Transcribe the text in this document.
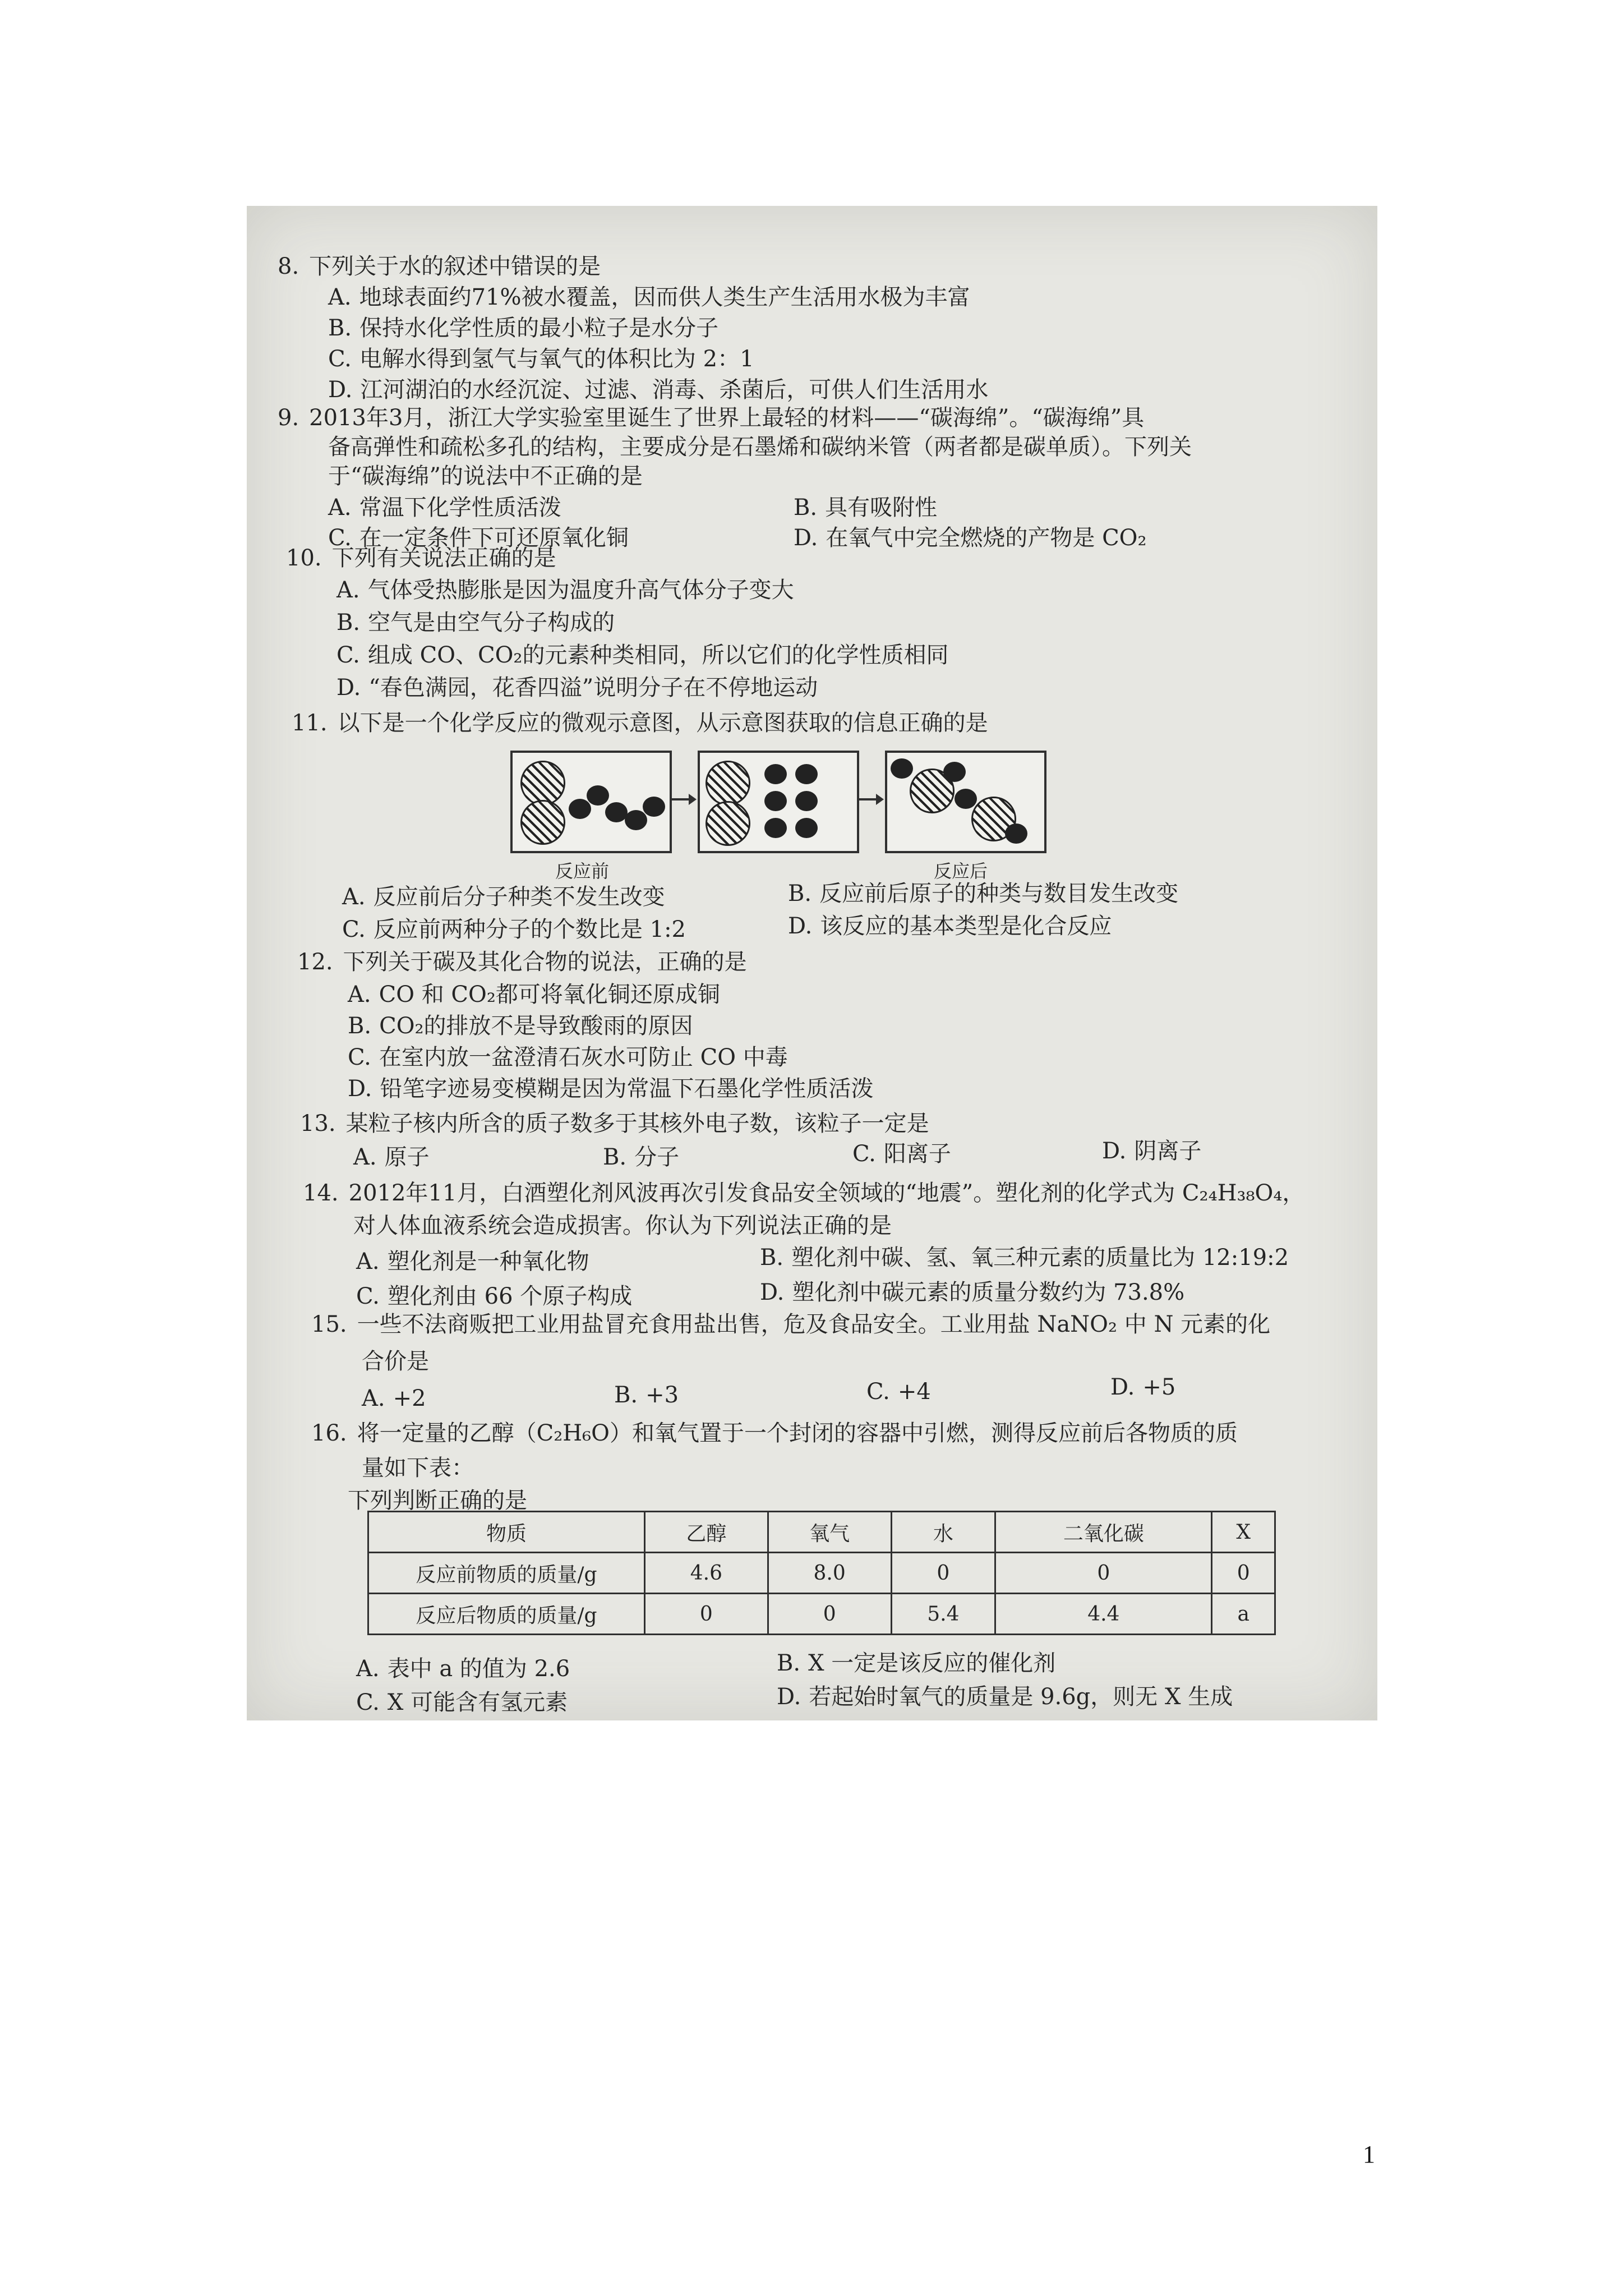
8. 下列关于水的叙述中错误的是
A. 地球表面约71%被水覆盖，因而供人类生产生活用水极为丰富
B. 保持水化学性质的最小粒子是水分子
C. 电解水得到氢气与氧气的体积比为 2：1
D. 江河湖泊的水经沉淀、过滤、消毒、杀菌后，可供人们生活用水
9. 2013年3月，浙江大学实验室里诞生了世界上最轻的材料——“碳海绵”。“碳海绵”具
备高弹性和疏松多孔的结构，主要成分是石墨烯和碳纳米管（两者都是碳单质）。下列关
于“碳海绵”的说法中不正确的是
A. 常温下化学性质活泼	B. 具有吸附性
C. 在一定条件下可还原氧化铜	D. 在氧气中完全燃烧的产物是 CO₂
10. 下列有关说法正确的是
A. 气体受热膨胀是因为温度升高气体分子变大
B. 空气是由空气分子构成的
C. 组成 CO、CO₂的元素种类相同，所以它们的化学性质相同
D. “春色满园，花香四溢”说明分子在不停地运动
11. 以下是一个化学反应的微观示意图，从示意图获取的信息正确的是
反应前	反应后
A. 反应前后分子种类不发生改变	B. 反应前后原子的种类与数目发生改变
C. 反应前两种分子的个数比是 1:2	D. 该反应的基本类型是化合反应
12. 下列关于碳及其化合物的说法，正确的是
A. CO 和 CO₂都可将氧化铜还原成铜
B. CO₂的排放不是导致酸雨的原因
C. 在室内放一盆澄清石灰水可防止 CO 中毒
D. 铅笔字迹易变模糊是因为常温下石墨化学性质活泼
13. 某粒子核内所含的质子数多于其核外电子数，该粒子一定是
A. 原子	B. 分子	C. 阳离子	D. 阴离子
14. 2012年11月，白酒塑化剂风波再次引发食品安全领域的“地震”。塑化剂的化学式为 C₂₄H₃₈O₄，
对人体血液系统会造成损害。你认为下列说法正确的是
A. 塑化剂是一种氧化物	B. 塑化剂中碳、氢、氧三种元素的质量比为 12:19:2
C. 塑化剂由 66 个原子构成	D. 塑化剂中碳元素的质量分数约为 73.8%
15. 一些不法商贩把工业用盐冒充食用盐出售，危及食品安全。工业用盐 NaNO₂ 中 N 元素的化
合价是
A. +2	B. +3	C. +4	D. +5
16. 将一定量的乙醇（C₂H₆O）和氧气置于一个封闭的容器中引燃，测得反应前后各物质的质
量如下表：
下列判断正确的是
物质	乙醇	氧气	水	二氧化碳	X
反应前物质的质量/g	4.6	8.0	0	0	0
反应后物质的质量/g	0	0	5.4	4.4	a
A. 表中 a 的值为 2.6	B. X 一定是该反应的催化剂
C. X 可能含有氢元素	D. 若起始时氧气的质量是 9.6g，则无 X 生成
1
